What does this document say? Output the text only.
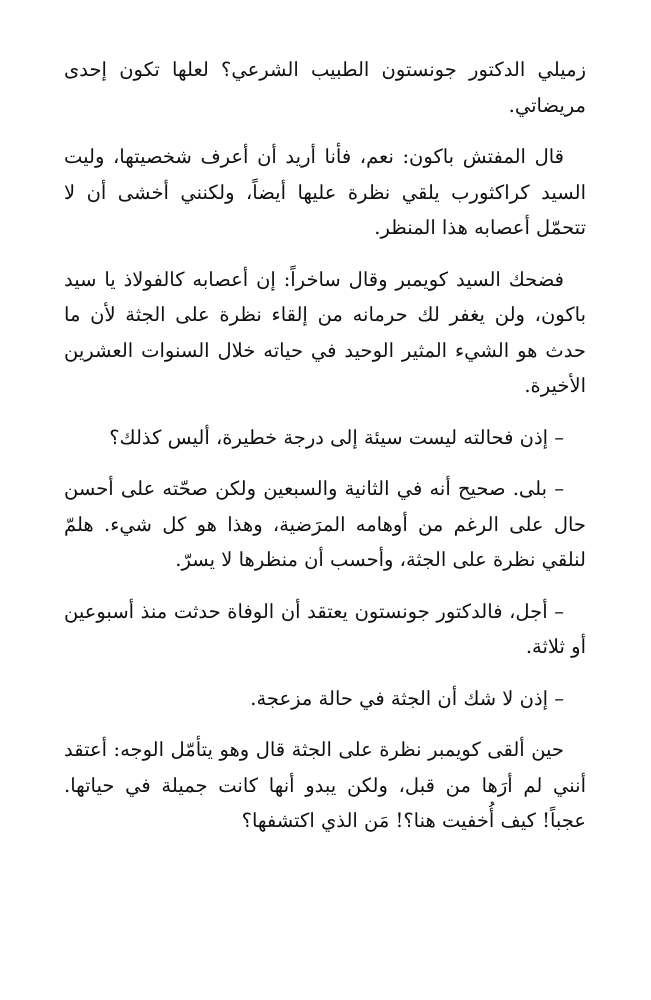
زميلي الدكتور جونستون الطبيب الشرعي؟ لعلها تكون إحدى مريضاتي.

قال المفتش باكون: نعم، فأنا أريد أن أعرف شخصيتها، وليت السيد كراكثورب يلقي نظرة عليها أيضاً، ولكنني أخشى أن لا تتحمّل أعصابه هذا المنظر.

فضحك السيد كويمبر وقال ساخراً: إن أعصابه كالفولاذ يا سيد باكون، ولن يغفر لك حرمانه من إلقاء نظرة على الجثة لأن ما حدث هو الشيء المثير الوحيد في حياته خلال السنوات العشرين الأخيرة.

– إذن فحالته ليست سيئة إلى درجة خطيرة، أليس كذلك؟

– بلى. صحيح أنه في الثانية والسبعين ولكن صحّته على أحسن حال على الرغم من أوهامه المرَضية، وهذا هو كل شيء. هلمّ لنلقي نظرة على الجثة، وأحسب أن منظرها لا يسرّ.

– أجل، فالدكتور جونستون يعتقد أن الوفاة حدثت منذ أسبوعين أو ثلاثة.

– إذن لا شك أن الجثة في حالة مزعجة.

حين ألقى كويمبر نظرة على الجثة قال وهو يتأمّل الوجه: أعتقد أنني لم أرَها من قبل، ولكن يبدو أنها كانت جميلة في حياتها. عجباً! كيف أُخفيت هنا؟! مَن الذي اكتشفها؟
